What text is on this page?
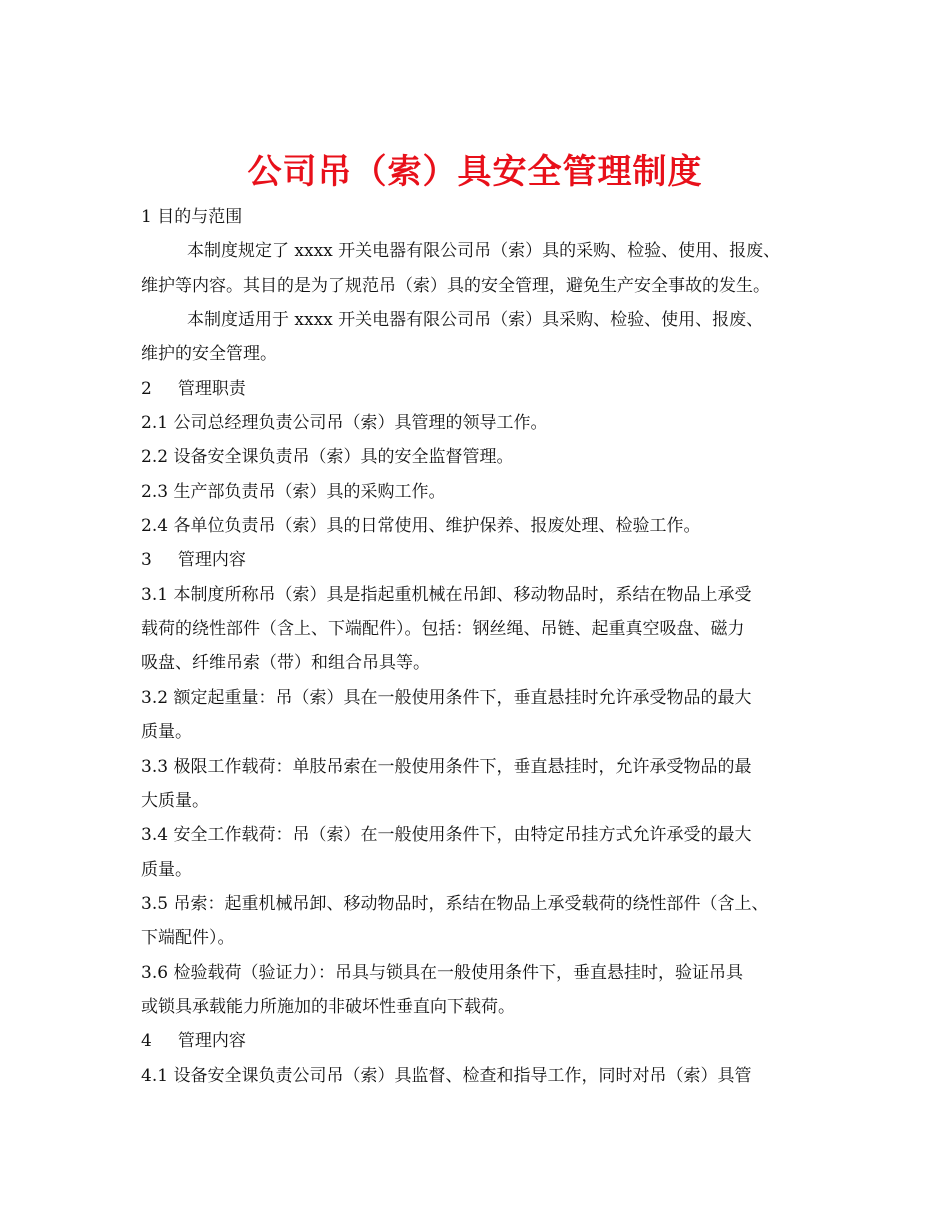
公司吊（索）具安全管理制度

1 目的与范围

本制度规定了 xxxx 开关电器有限公司吊（索）具的采购、检验、使用、报废、

维护等内容。其目的是为了规范吊（索）具的安全管理，避免生产安全事故的发生。

本制度适用于 xxxx 开关电器有限公司吊（索）具采购、检验、使用、报废、

维护的安全管理。

2 管理职责

2.1 公司总经理负责公司吊（索）具管理的领导工作。

2.2 设备安全课负责吊（索）具的安全监督管理。

2.3 生产部负责吊（索）具的采购工作。

2.4 各单位负责吊（索）具的日常使用、维护保养、报废处理、检验工作。

3 管理内容

3.1 本制度所称吊（索）具是指起重机械在吊卸、移动物品时，系结在物品上承受

载荷的绕性部件（含上、下端配件）。包括：钢丝绳、吊链、起重真空吸盘、磁力

吸盘、纤维吊索（带）和组合吊具等。

3.2 额定起重量：吊（索）具在一般使用条件下，垂直悬挂时允许承受物品的最大

质量。

3.3 极限工作载荷：单肢吊索在一般使用条件下，垂直悬挂时，允许承受物品的最

大质量。

3.4 安全工作载荷：吊（索）在一般使用条件下，由特定吊挂方式允许承受的最大

质量。

3.5 吊索：起重机械吊卸、移动物品时，系结在物品上承受载荷的绕性部件（含上、

下端配件）。

3.6 检验载荷（验证力）：吊具与锁具在一般使用条件下，垂直悬挂时，验证吊具

或锁具承载能力所施加的非破坏性垂直向下载荷。

4 管理内容

4.1 设备安全课负责公司吊（索）具监督、检查和指导工作，同时对吊（索）具管
